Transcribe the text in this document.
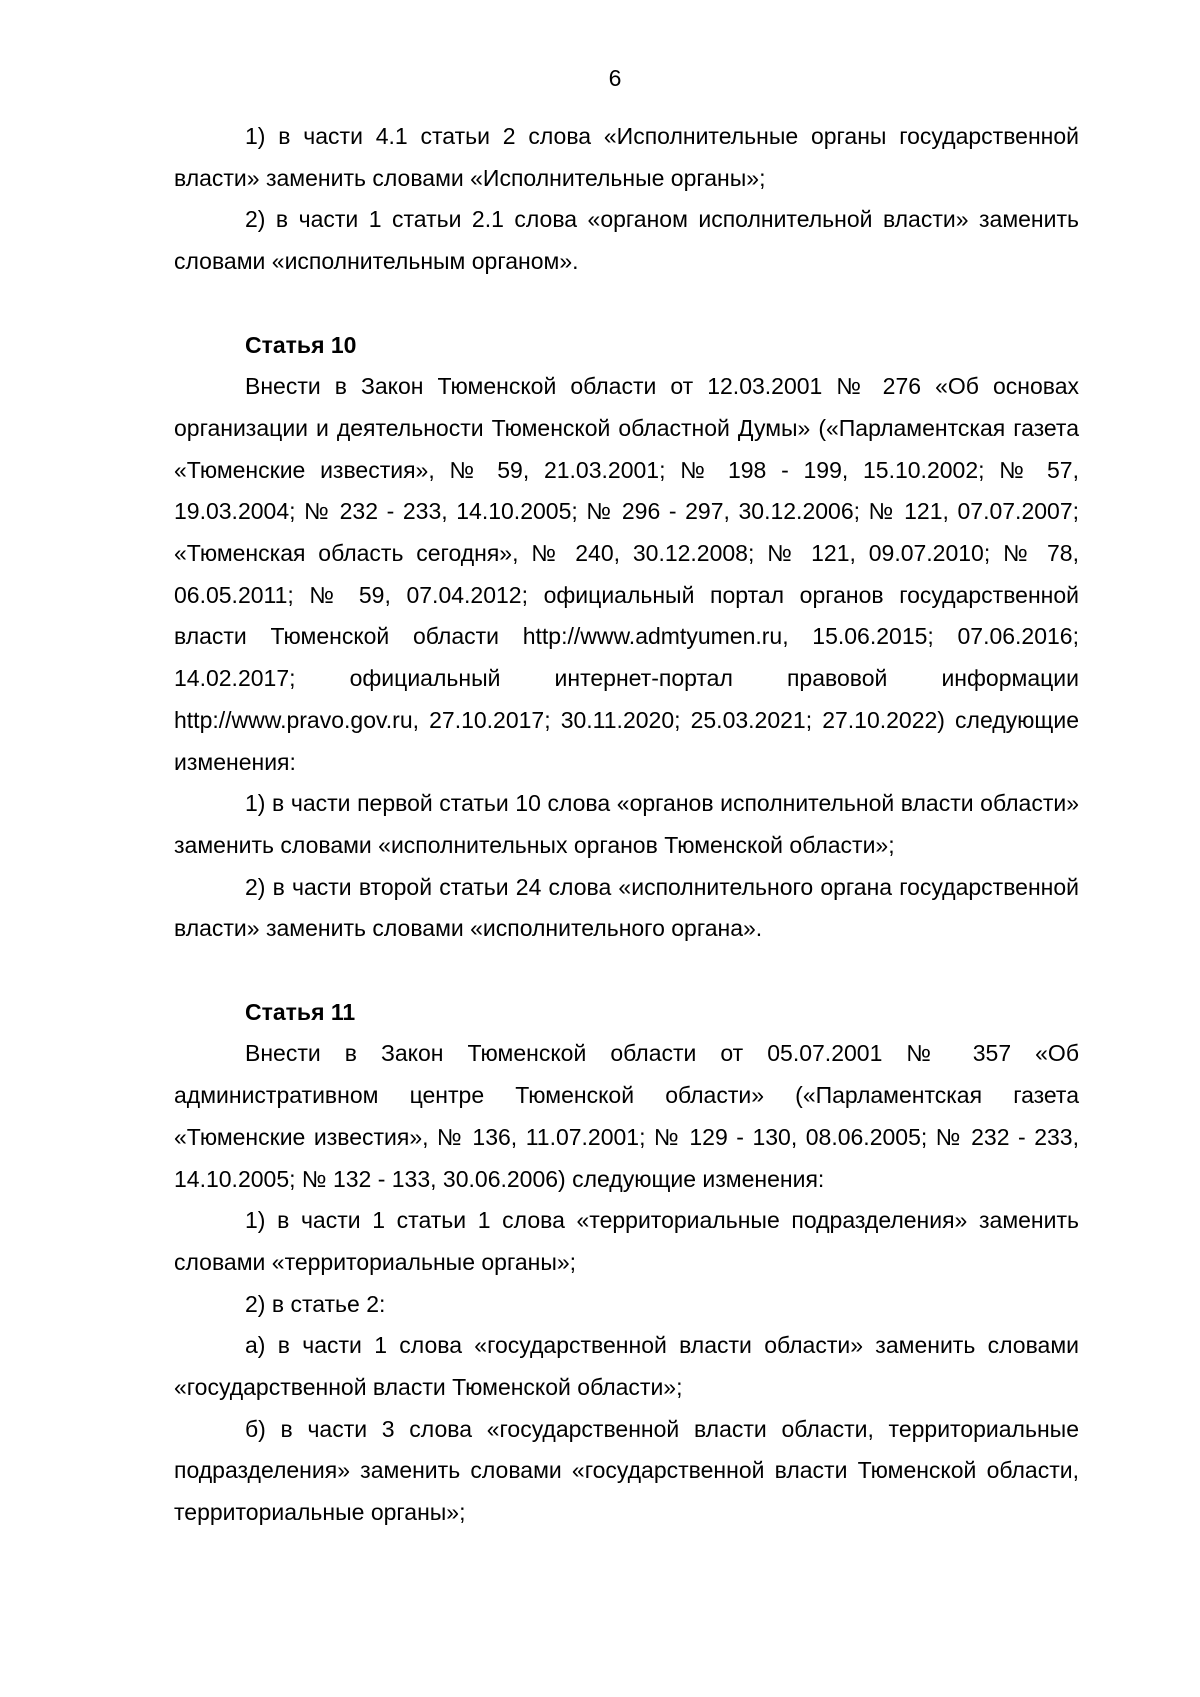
6

1) в части 4.1 статьи 2 слова «Исполнительные органы государственной власти» заменить словами «Исполнительные органы»;

2) в части 1 статьи 2.1 слова «органом исполнительной власти» заменить словами «исполнительным органом».

Статья 10

Внести в Закон Тюменской области от 12.03.2001 № 276 «Об основах организации и деятельности Тюменской областной Думы» («Парламентская газета «Тюменские известия», № 59, 21.03.2001; № 198 - 199, 15.10.2002; № 57, 19.03.2004; № 232 - 233, 14.10.2005; № 296 - 297, 30.12.2006; № 121, 07.07.2007; «Тюменская область сегодня», № 240, 30.12.2008; № 121, 09.07.2010; № 78, 06.05.2011; № 59, 07.04.2012; официальный портал органов государственной власти Тюменской области http://www.admtyumen.ru, 15.06.2015; 07.06.2016; 14.02.2017; официальный интернет-портал правовой информации http://www.pravo.gov.ru, 27.10.2017; 30.11.2020; 25.03.2021; 27.10.2022) следующие изменения:

1) в части первой статьи 10 слова «органов исполнительной власти области» заменить словами «исполнительных органов Тюменской области»;

2) в части второй статьи 24 слова «исполнительного органа государственной власти» заменить словами «исполнительного органа».

Статья 11

Внести в Закон Тюменской области от 05.07.2001 № 357 «Об административном центре Тюменской области» («Парламентская газета «Тюменские известия», № 136, 11.07.2001; № 129 - 130, 08.06.2005; № 232 - 233, 14.10.2005; № 132 - 133, 30.06.2006) следующие изменения:

1) в части 1 статьи 1 слова «территориальные подразделения» заменить словами «территориальные органы»;

2) в статье 2:

а) в части 1 слова «государственной власти области» заменить словами «государственной власти Тюменской области»;

б) в части 3 слова «государственной власти области, территориальные подразделения» заменить словами «государственной власти Тюменской области, территориальные органы»;
